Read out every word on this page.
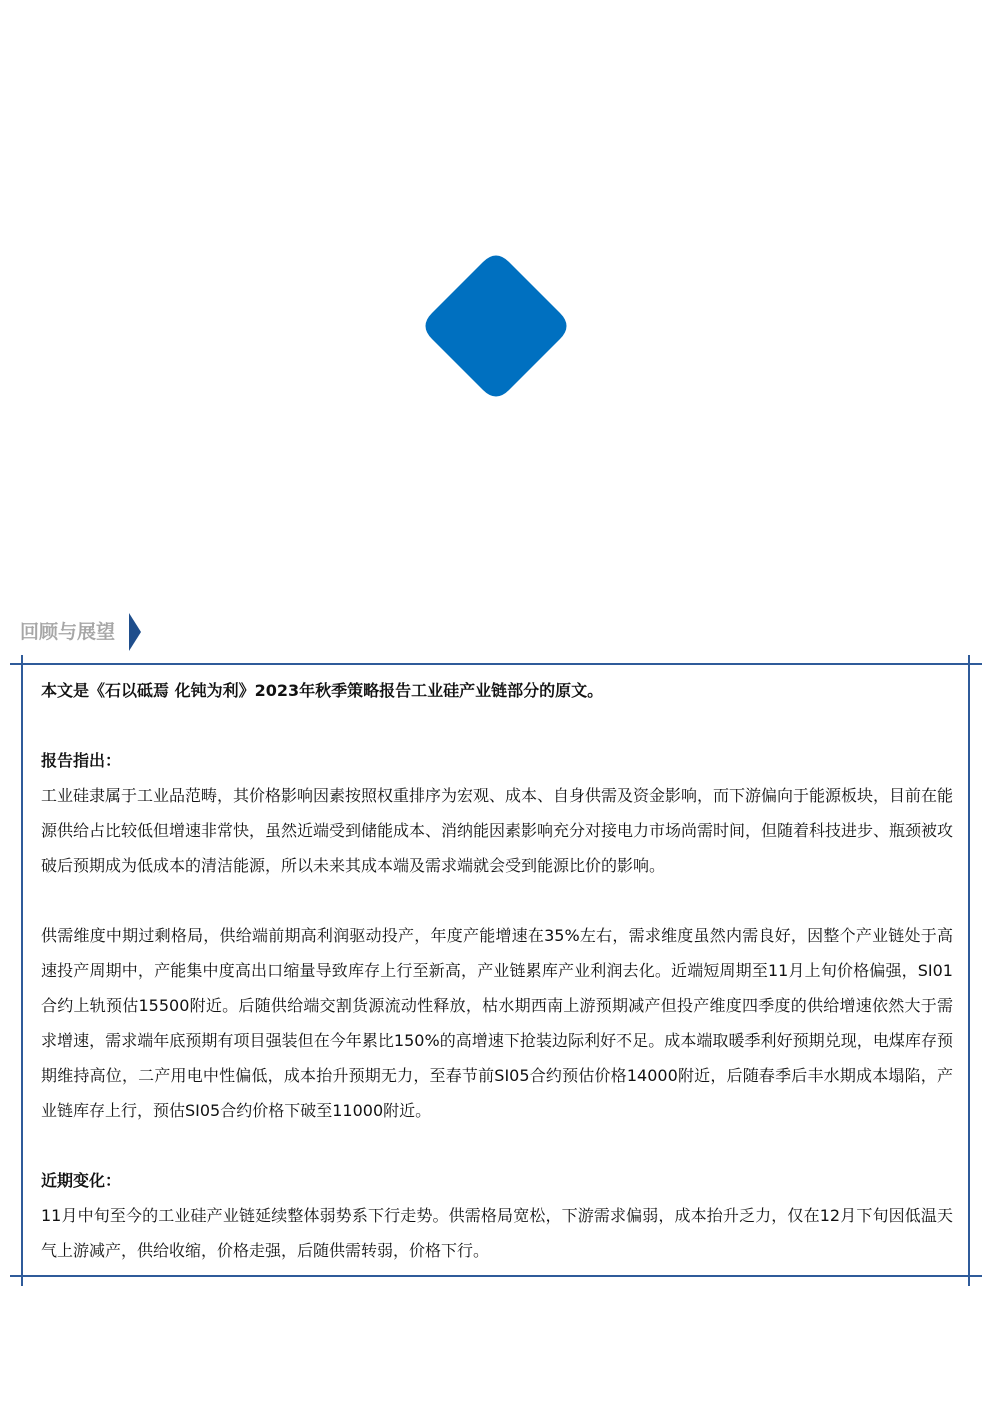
回顾与展望

本文是《石以砥焉 化钝为利》2023年秋季策略报告工业硅产业链部分的原文。

报告指出：

工业硅隶属于工业品范畴，其价格影响因素按照权重排序为宏观、成本、自身供需及资金影响，而下游偏向于能源板块，目前在能源供给占比较低但增速非常快，虽然近端受到储能成本、消纳能因素影响充分对接电力市场尚需时间，但随着科技进步、瓶颈被攻破后预期成为低成本的清洁能源，所以未来其成本端及需求端就会受到能源比价的影响。

供需维度中期过剩格局，供给端前期高利润驱动投产，年度产能增速在35%左右，需求维度虽然内需良好，因整个产业链处于高速投产周期中，产能集中度高出口缩量导致库存上行至新高，产业链累库产业利润去化。近端短周期至11月上旬价格偏强，SI01合约上轨预估15500附近。后随供给端交割货源流动性释放，枯水期西南上游预期减产但投产维度四季度的供给增速依然大于需求增速，需求端年底预期有项目强装但在今年累比150%的高增速下抢装边际利好不足。成本端取暖季利好预期兑现，电煤库存预期维持高位，二产用电中性偏低，成本抬升预期无力，至春节前SI05合约预估价格14000附近，后随春季后丰水期成本塌陷，产业链库存上行，预估SI05合约价格下破至11000附近。

近期变化：

11月中旬至今的工业硅产业链延续整体弱势系下行走势。供需格局宽松，下游需求偏弱，成本抬升乏力，仅在12月下旬因低温天气上游减产，供给收缩，价格走强，后随供需转弱，价格下行。
